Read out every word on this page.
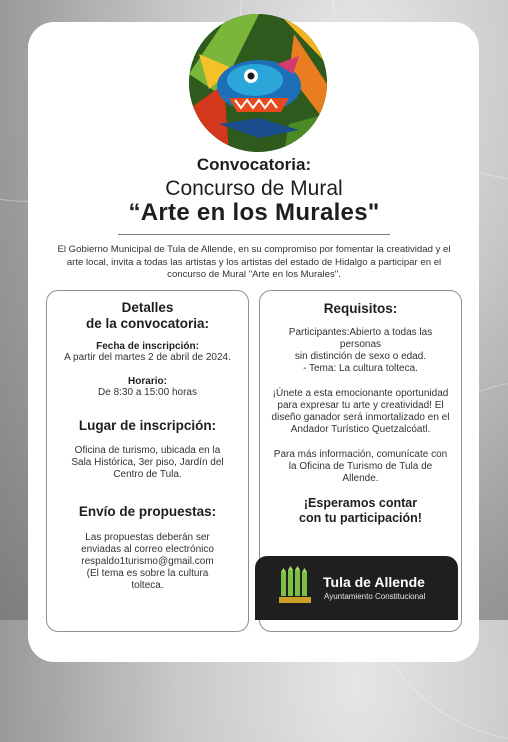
Convocatoria:
Concurso de Mural
“Arte en los Murales"
El Gobierno Municipal de Tula de Allende, en su compromiso por fomentar la creatividad y el arte local, invita a todas las artistas y los artistas del estado de Hidalgo a participar en el concurso de Mural "Arte en los Murales".
Detalles
de la convocatoria:
Fecha de inscripción:
A partir del martes 2 de abril de 2024.
Horario:
De 8:30 a 15:00 horas
Lugar de inscripción:
Oficina de turismo, ubicada en la
Sala Histórica, 3er piso, Jardín del
Centro de Tula.
Envío de propuestas:
Las propuestas deberán ser
enviadas al correo electrónico
respaldo1turismo@gmail.com
(El tema es sobre la cultura
tolteca.
Requisitos:
Participantes:Abierto a todas las
personas
sin distinción de sexo o edad.
- Tema: La cultura tolteca.
¡Únete a esta emocionante oportunidad
para expresar tu arte y creatividad! El
diseño ganador será inmortalizado en el
Andador Turístico Quetzalcóatl.
Para más información, comunícate con
la Oficina de Turismo de Tula de
Allende.
¡Esperamos contar
con tu participación!
Tula de Allende
Ayuntamiento Constitucional
